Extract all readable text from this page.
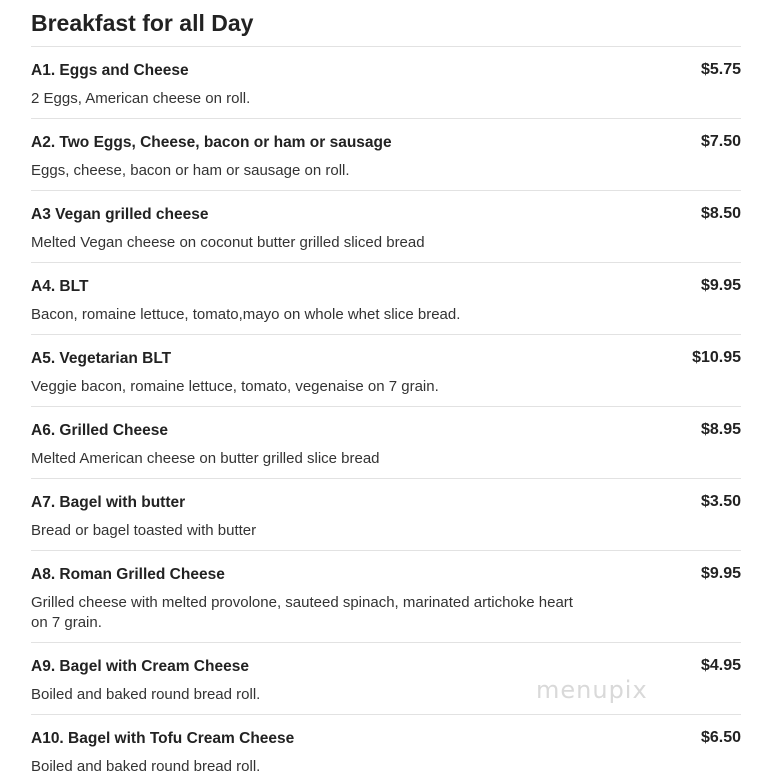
Breakfast for all Day
A1. Eggs and Cheese	$5.75
2 Eggs, American cheese on roll.
A2. Two Eggs, Cheese, bacon or ham or sausage	$7.50
Eggs, cheese, bacon or ham or sausage on roll.
A3 Vegan grilled cheese	$8.50
Melted Vegan cheese on coconut butter grilled sliced bread
A4. BLT	$9.95
Bacon, romaine lettuce, tomato,mayo on whole whet slice bread.
A5. Vegetarian BLT	$10.95
Veggie bacon, romaine lettuce, tomato, vegenaise on 7 grain.
A6. Grilled Cheese	$8.95
Melted American cheese on butter grilled slice bread
A7. Bagel with butter	$3.50
Bread or bagel toasted with butter
A8. Roman Grilled Cheese	$9.95
Grilled cheese with melted provolone, sauteed spinach, marinated artichoke heart on 7 grain.
A9. Bagel with Cream Cheese	$4.95
Boiled and baked round bread roll.
A10. Bagel with Tofu Cream Cheese	$6.50
Boiled and baked round bread roll.
menupix
